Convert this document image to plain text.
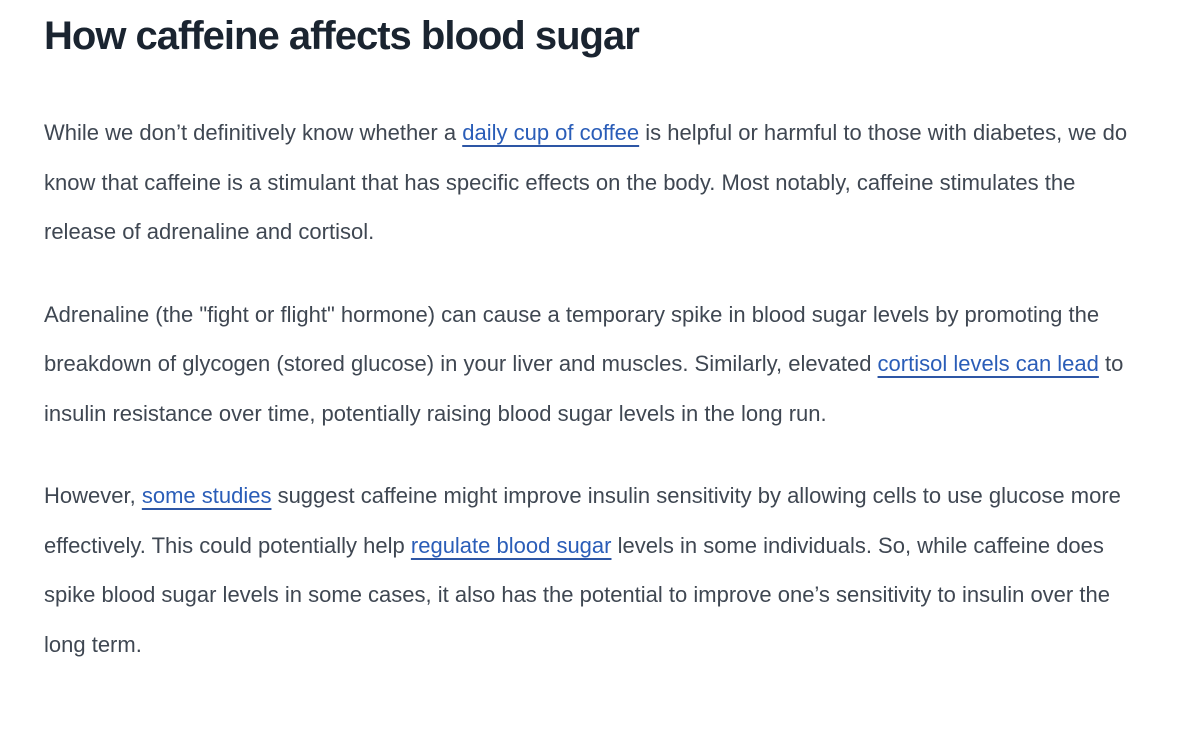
How caffeine affects blood sugar

While we don’t definitively know whether a daily cup of coffee is helpful or harmful to those with diabetes, we do know that caffeine is a stimulant that has specific effects on the body. Most notably, caffeine stimulates the release of adrenaline and cortisol.

Adrenaline (the "fight or flight" hormone) can cause a temporary spike in blood sugar levels by promoting the breakdown of glycogen (stored glucose) in your liver and muscles. Similarly, elevated cortisol levels can lead to insulin resistance over time, potentially raising blood sugar levels in the long run.

However, some studies suggest caffeine might improve insulin sensitivity by allowing cells to use glucose more effectively. This could potentially help regulate blood sugar levels in some individuals. So, while caffeine does spike blood sugar levels in some cases, it also has the potential to improve one’s sensitivity to insulin over the long term.
